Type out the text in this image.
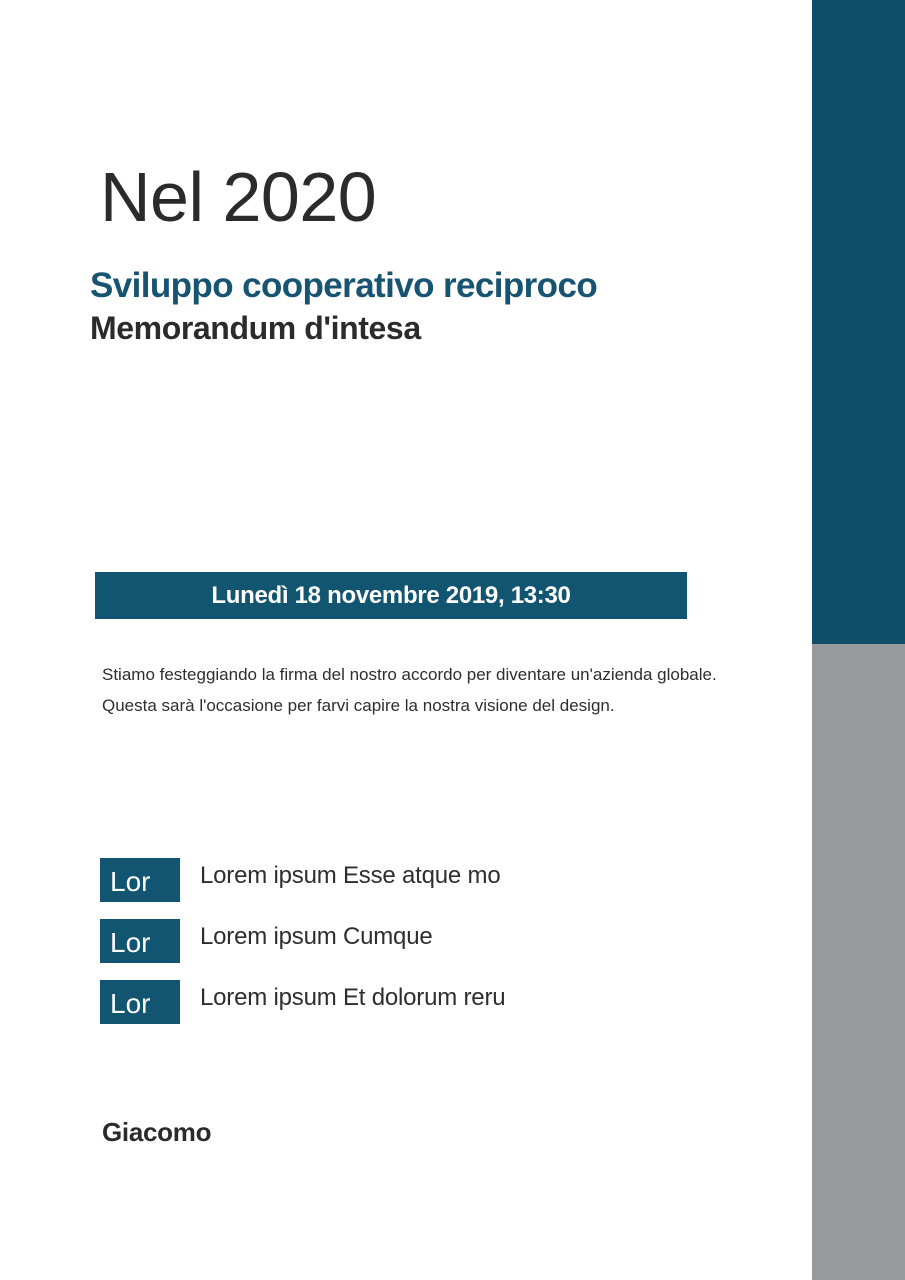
Nel 2020
Sviluppo cooperativo reciproco
Memorandum d'intesa
Lunedì 18 novembre 2019, 13:30
Stiamo festeggiando la firma del nostro accordo per diventare un'azienda globale.
Questa sarà l'occasione per farvi capire la nostra visione del design.
Lor Lorem ipsum Esse atque mo
Lor Lorem ipsum Cumque
Lor Lorem ipsum Et dolorum reru
Giacomo
